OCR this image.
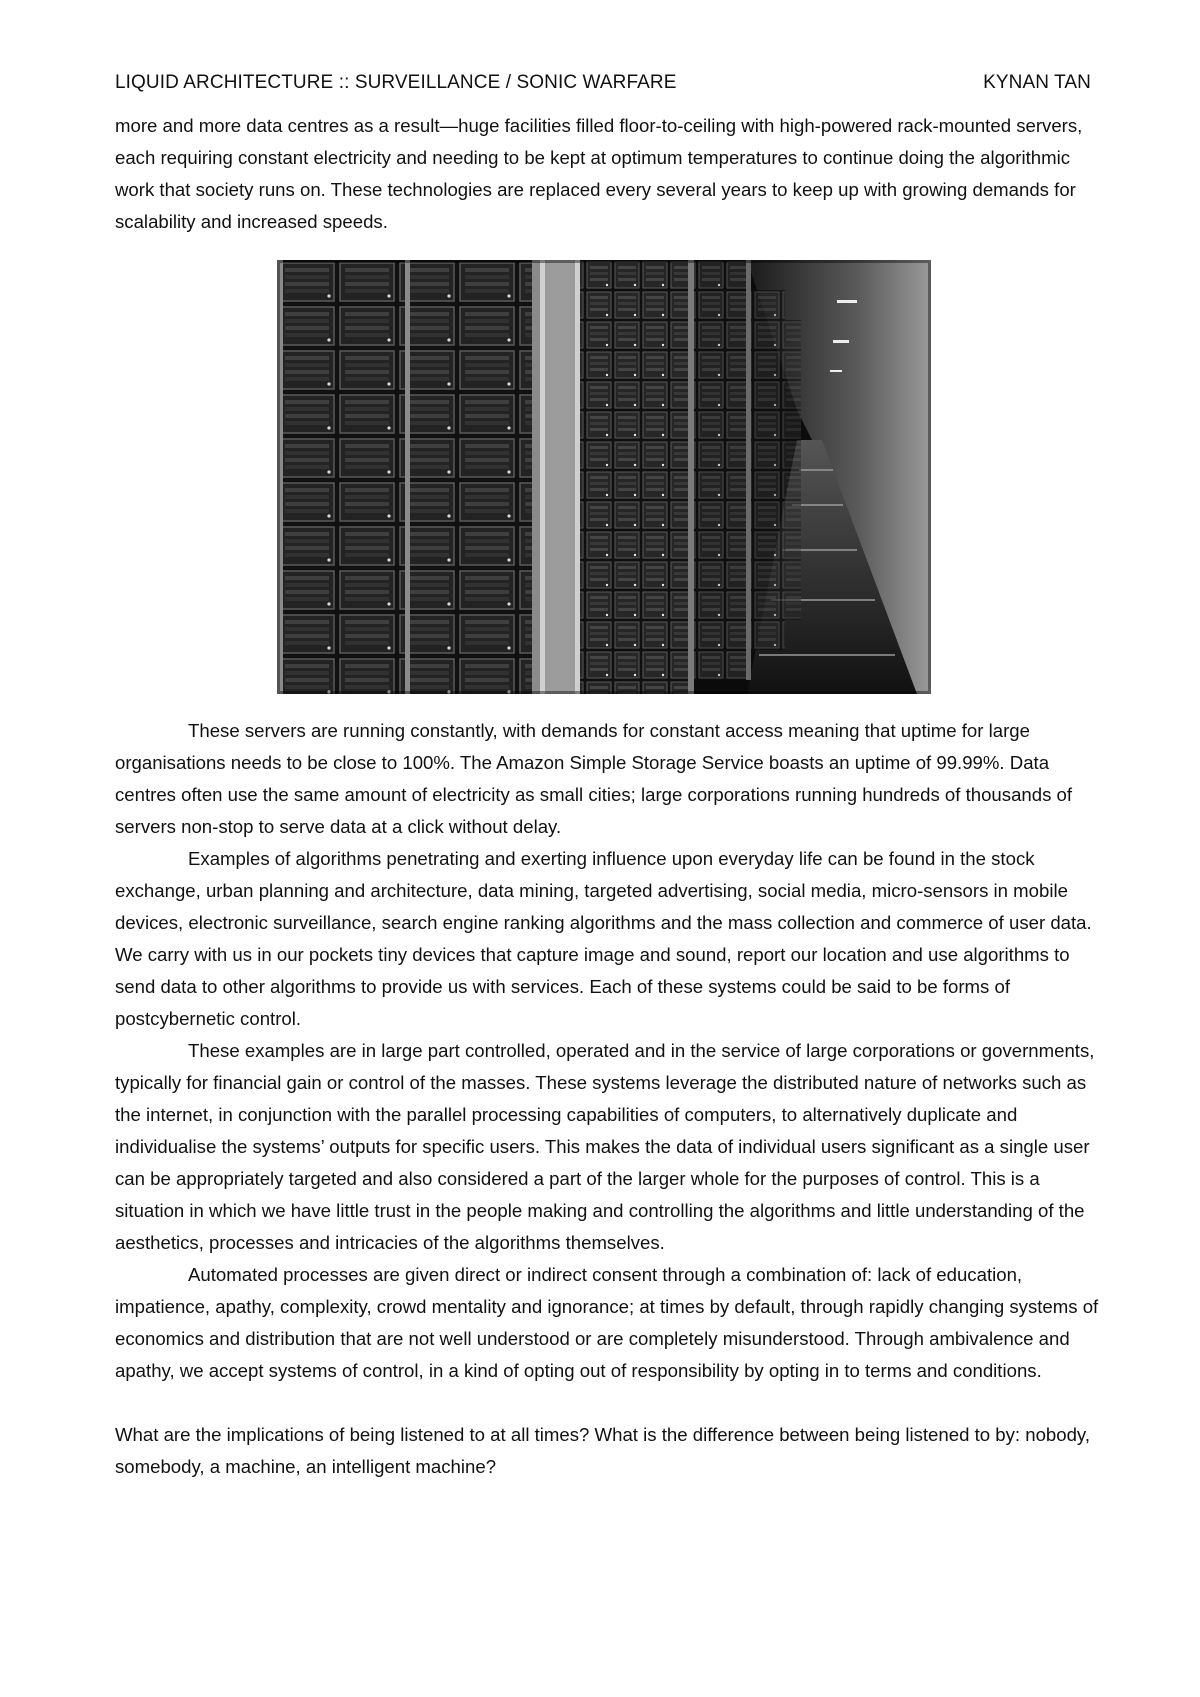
LIQUID ARCHITECTURE :: SURVEILLANCE / SONIC WARFARE	KYNAN TAN

more and more data centres as a result—huge facilities filled floor-to-ceiling with high-powered rack-mounted servers, each requiring constant electricity and needing to be kept at optimum temperatures to continue doing the algorithmic work that society runs on. These technologies are replaced every several years to keep up with growing demands for scalability and increased speeds.

These servers are running constantly, with demands for constant access meaning that uptime for large organisations needs to be close to 100%. The Amazon Simple Storage Service boasts an uptime of 99.99%. Data centres often use the same amount of electricity as small cities; large corporations running hundreds of thousands of servers non-stop to serve data at a click without delay.

Examples of algorithms penetrating and exerting influence upon everyday life can be found in the stock exchange, urban planning and architecture, data mining, targeted advertising, social media, micro-sensors in mobile devices, electronic surveillance, search engine ranking algorithms and the mass collection and commerce of user data. We carry with us in our pockets tiny devices that capture image and sound, report our location and use algorithms to send data to other algorithms to provide us with services. Each of these systems could be said to be forms of postcybernetic control.

These examples are in large part controlled, operated and in the service of large corporations or governments, typically for financial gain or control of the masses. These systems leverage the distributed nature of networks such as the internet, in conjunction with the parallel processing capabilities of computers, to alternatively duplicate and individualise the systems’ outputs for specific users. This makes the data of individual users significant as a single user can be appropriately targeted and also considered a part of the larger whole for the purposes of control. This is a situation in which we have little trust in the people making and controlling the algorithms and little understanding of the aesthetics, processes and intricacies of the algorithms themselves.

Automated processes are given direct or indirect consent through a combination of: lack of education, impatience, apathy, complexity, crowd mentality and ignorance; at times by default, through rapidly changing systems of economics and distribution that are not well understood or are completely misunderstood. Through ambivalence and apathy, we accept systems of control, in a kind of opting out of responsibility by opting in to terms and conditions.

What are the implications of being listened to at all times? What is the difference between being listened to by: nobody, somebody, a machine, an intelligent machine?
